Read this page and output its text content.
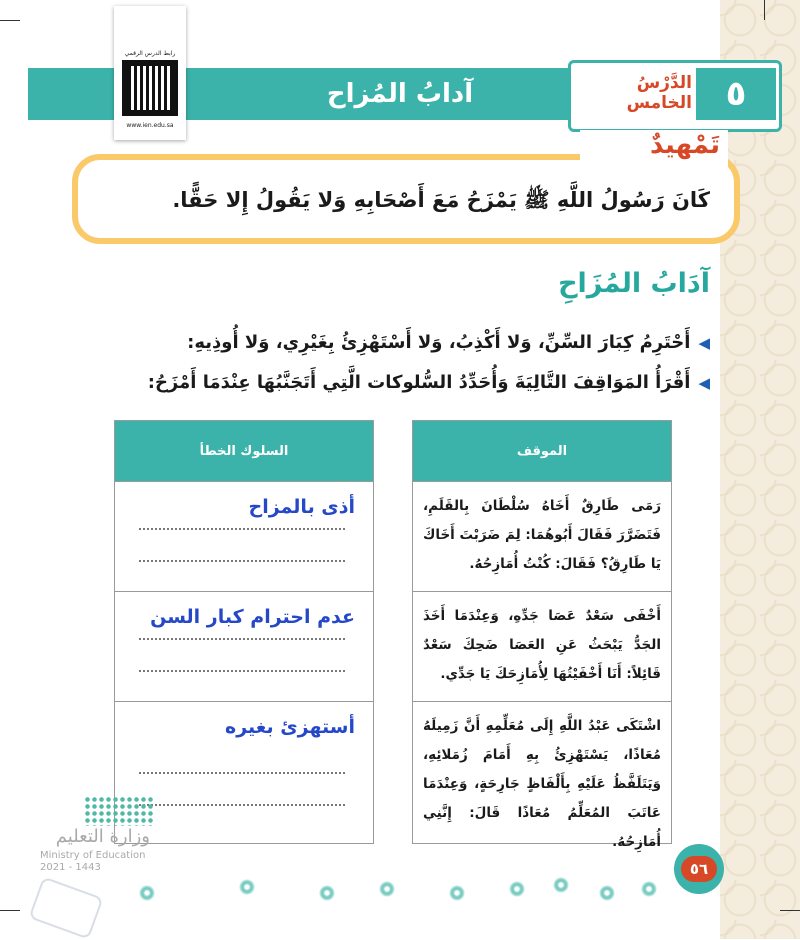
٥
الدَّرْسُ الخامس
آدابُ المُزاح
رابط الدرس الرقمي
www.ien.edu.sa
تَمْهيدٌ
كَانَ رَسُولُ اللَّهِ ﷺ يَمْزَحُ مَعَ أَصْحَابِهِ وَلا يَقُولُ إِلا حَقًّا.
آدَابُ المُزَاحِ
◀أَحْتَرِمُ كِبَارَ السِّنِّ، وَلا أَكْذِبُ، وَلا أَسْتَهْزِئُ بِغَيْرِي، وَلا أُوذِيهِ:
◀أَقْرَأُ المَوَاقِفَ التَّالِيَةَ وَأُحَدِّدُ السُّلوكات الَّتِي أَتَجَنَّبُهَا عِنْدَمَا أَمْزَحُ:
الموقف
رَمَى طَارِقٌ أَخَاهُ سُلْطَانَ بِالقَلَمِ، فَتَضَرَّرَ فَقَالَ أَبُوهُمَا: لِمَ ضَرَبْتَ أَخَاكَ يَا طَارِقُ؟ فَقَالَ: كُنْتُ أُمَازِحُهُ.
أَخْفَى سَعْدٌ عَصَا جَدِّهِ، وَعِنْدَمَا أَخَذَ الجَدُّ يَبْحَثُ عَنِ العَصَا ضَحِكَ سَعْدٌ قَائِلاً: أَنَا أَخْفَيْتُهَا لِأُمَازِحَكَ يَا جَدِّي.
اشْتَكَى عَبْدُ اللَّهِ إِلَى مُعَلِّمِهِ أَنَّ زَمِيلَهُ مُعَاذًا، يَسْتَهْزِئُ بِهِ أَمَامَ زُمَلائِهِ، وَيَتَلَفَّظُ عَلَيْهِ بِأَلْفَاظٍ جَارِحَةٍ، وَعِنْدَمَا عَاتَبَ المُعَلِّمُ مُعَاذًا قَالَ: إِنَّنِي أُمَازِحُهُ.
السلوك الخطأ
أذى بالمزاح
عدم احترام كبار السن
أستهزئ بغيره
وزارة التعليم
Ministry of Education
2021 - 1443	٥٦
